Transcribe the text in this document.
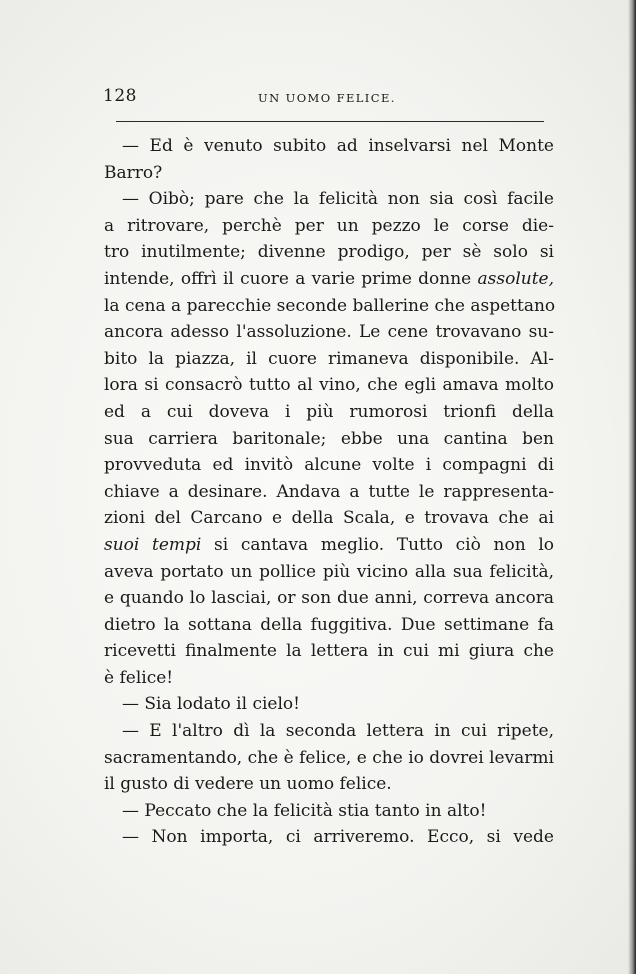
128	UN UOMO FELICE.
— Ed è venuto subito ad inselvarsi nel Monte
Barro?
— Oibò; pare che la felicità non sia così facile
a ritrovare, perchè per un pezzo le corse die-
tro inutilmente; divenne prodigo, per sè solo si
intende, offrì il cuore a varie prime donne assolute,
la cena a parecchie seconde ballerine che aspettano
ancora adesso l'assoluzione. Le cene trovavano su-
bito la piazza, il cuore rimaneva disponibile. Al-
lora si consacrò tutto al vino, che egli amava molto
ed a cui doveva i più rumorosi trionfi della
sua carriera baritonale; ebbe una cantina ben
provveduta ed invitò alcune volte i compagni di
chiave a desinare. Andava a tutte le rappresenta-
zioni del Carcano e della Scala, e trovava che ai
suoi tempi si cantava meglio. Tutto ciò non lo
aveva portato un pollice più vicino alla sua felicità,
e quando lo lasciai, or son due anni, correva ancora
dietro la sottana della fuggitiva. Due settimane fa
ricevetti finalmente la lettera in cui mi giura che
è felice!
— Sia lodato il cielo!
— E l'altro dì la seconda lettera in cui ripete,
sacramentando, che è felice, e che io dovrei levarmi
il gusto di vedere un uomo felice.
— Peccato che la felicità stia tanto in alto!
— Non importa, ci arriveremo. Ecco, si vede
